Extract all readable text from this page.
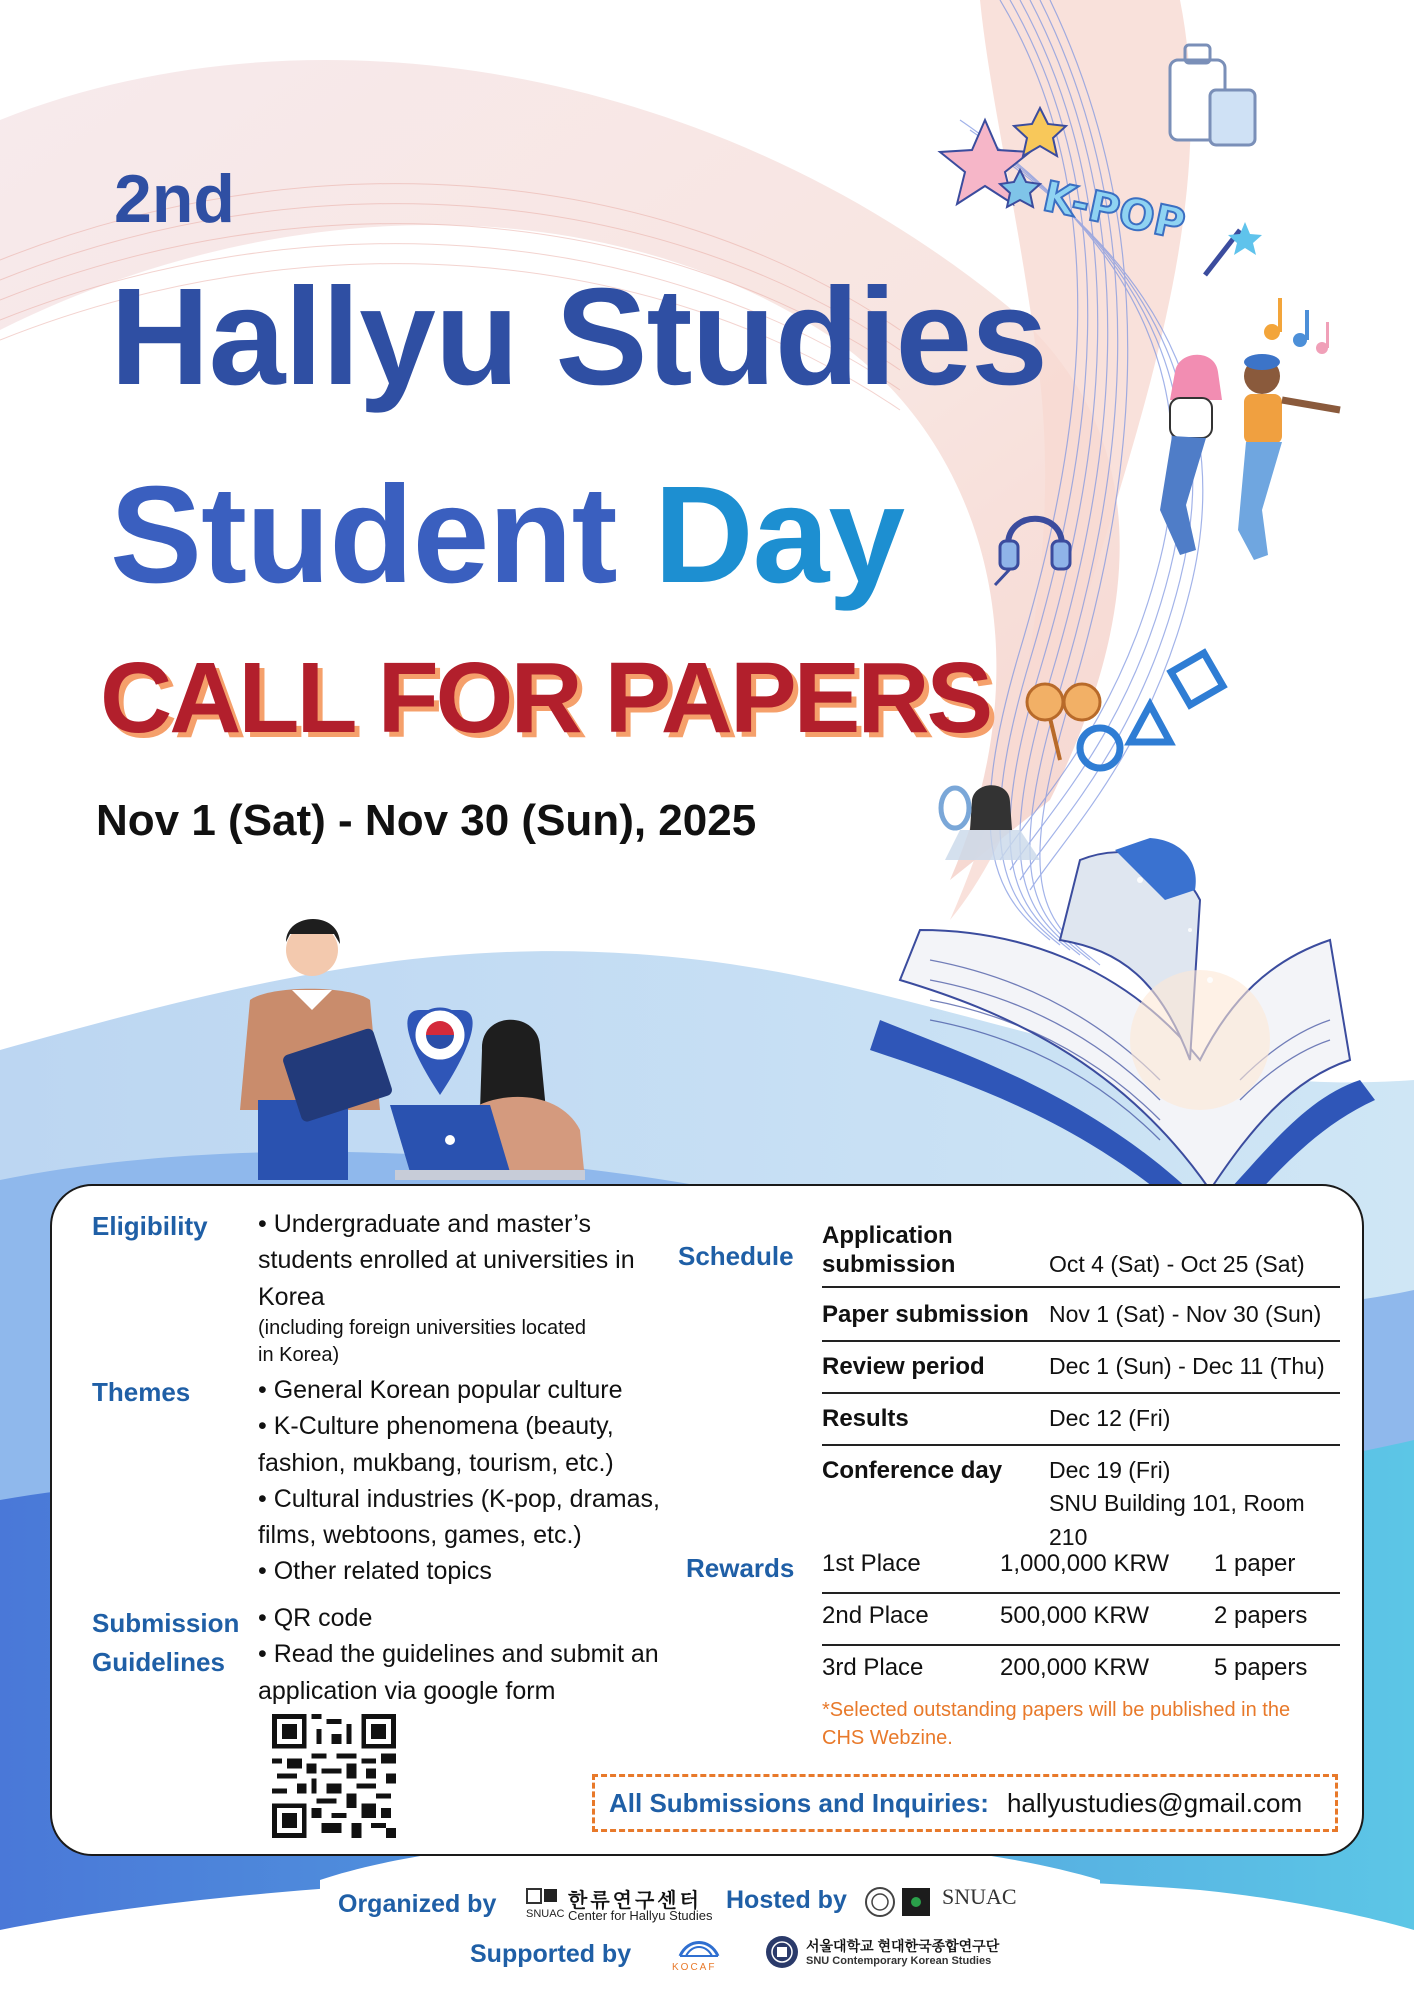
2nd
Hallyu Studies
Student Day
CALL FOR PAPERS
Nov 1 (Sat) - Nov 30 (Sun), 2025
K-POP
Eligibility • Undergraduate and master’s
students enrolled at universities in
Korea
(including foreign universities located
in Korea)
Themes	• General Korean popular culture
• K-Culture phenomena (beauty,
fashion, mukbang, tourism, etc.)
• Cultural industries (K-pop, dramas,
films, webtoons, games, etc.)
• Other related topics
Submission
Guidelines
• QR code
• Read the guidelines and submit an
application via google form
Schedule
Application
submission	Oct 4 (Sat) - Oct 25 (Sat)
Paper submission Nov 1 (Sat) - Nov 30 (Sun)
Review period	Dec 1 (Sun) - Dec 11 (Thu)
Results	Dec 12 (Fri)
Conference day Dec 19 (Fri)
SNU Building 101, Room 210
Rewards 1st Place	1,000,000 KRW 1 paper
2nd Place	500,000 KRW	2 papers
3rd Place	200,000 KRW	5 papers
*Selected outstanding papers will be published in the
CHS Webzine.
All Submissions and Inquiries: hallyustudies@gmail.com
Organized by	SNUAC
한류연구센터
Center for Hallyu Studies
Hosted by	SNUAC
Supported by	KOCAF
서울대학교 현대한국종합연구단
SNU Contemporary Korean Studies
